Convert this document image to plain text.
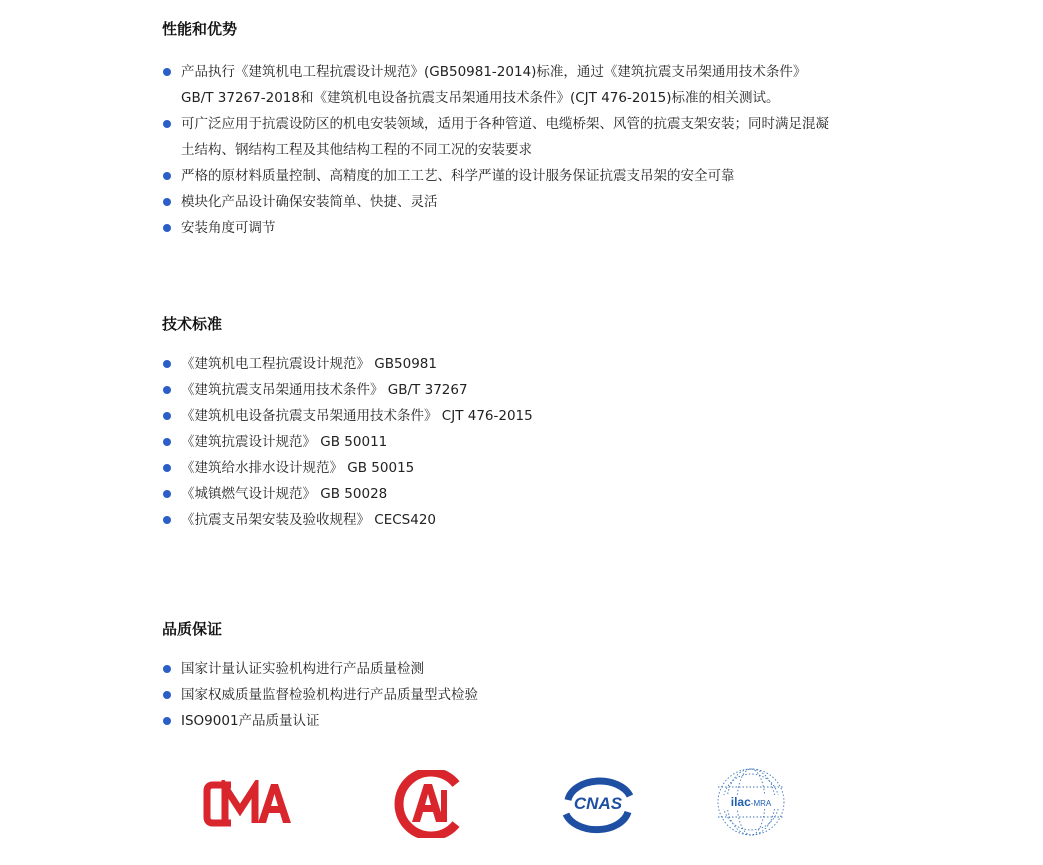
性能和优势
产品执行《建筑机电工程抗震设计规范》(GB50981-2014)标准，通过《建筑抗震支吊架通用技术条件》 GB/T 37267-2018和《建筑机电设备抗震支吊架通用技术条件》(CJT 476-2015)标准的相关测试。
可广泛应用于抗震设防区的机电安装领域，适用于各种管道、电缆桥架、风管的抗震支架安装；同时满足混凝土结构、钢结构工程及其他结构工程的不同工况的安装要求
严格的原材料质量控制、高精度的加工工艺、科学严谨的设计服务保证抗震支吊架的安全可靠
模块化产品设计确保安装简单、快捷、灵活
安装角度可调节
技术标准
《建筑机电工程抗震设计规范》 GB50981
《建筑抗震支吊架通用技术条件》 GB/T 37267
《建筑机电设备抗震支吊架通用技术条件》 CJT 476-2015
《建筑抗震设计规范》 GB 50011
《建筑给水排水设计规范》 GB 50015
《城镇燃气设计规范》 GB 50028
《抗震支吊架安装及验收规程》 CECS420
品质保证
国家计量认证实验机构进行产品质量检测
国家权威质量监督检验机构进行产品质量型式检验
ISO9001产品质量认证
CNAS	ilac-MRA
